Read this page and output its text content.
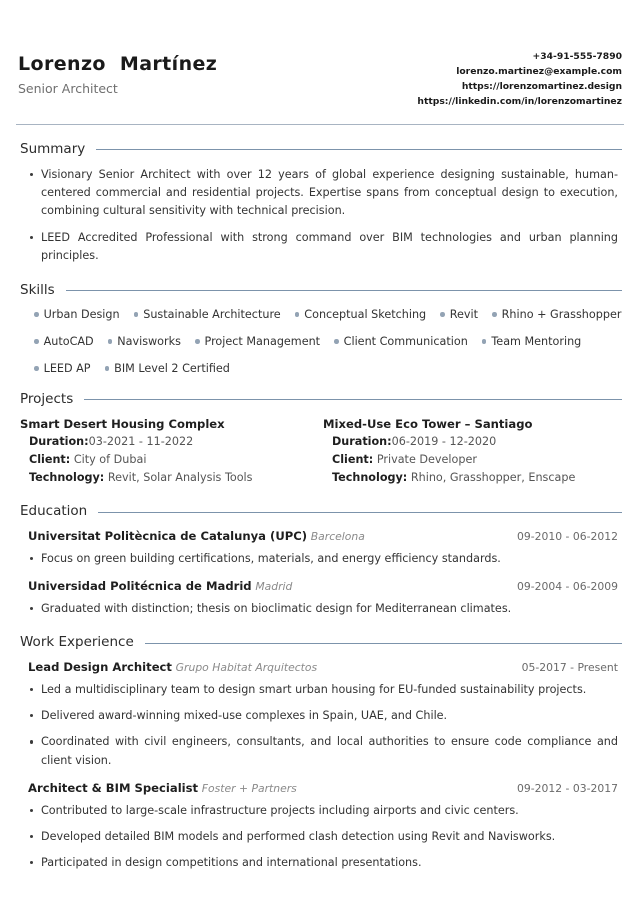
Lorenzo  Martínez
Senior Architect
+34-91-555-7890
lorenzo.martinez@example.com
https://lorenzomartinez.design
https://linkedin.com/in/lorenzomartinez
Summary
Visionary Senior Architect with over 12 years of global experience designing sustainable, human-centered commercial and residential projects. Expertise spans from conceptual design to execution, combining cultural sensitivity with technical precision.
LEED Accredited Professional with strong command over BIM technologies and urban planning principles.
Skills
Urban Design Sustainable Architecture Conceptual Sketching Revit Rhino + Grasshopper
AutoCAD Navisworks Project Management Client Communication Team Mentoring
LEED AP BIM Level 2 Certified
Projects
Smart Desert Housing Complex
Duration:03-2021 - 11-2022
Client: City of Dubai
Technology: Revit, Solar Analysis Tools
Mixed-Use Eco Tower – Santiago
Duration:06-2019 - 12-2020
Client: Private Developer
Technology: Rhino, Grasshopper, Enscape
Education
Universitat Politècnica de Catalunya (UPC) Barcelona	09-2010 - 06-2012
Focus on green building certifications, materials, and energy efficiency standards.
Universidad Politécnica de Madrid Madrid	09-2004 - 06-2009
Graduated with distinction; thesis on bioclimatic design for Mediterranean climates.
Work Experience
Lead Design Architect Grupo Habitat Arquitectos	05-2017 - Present
Led a multidisciplinary team to design smart urban housing for EU-funded sustainability projects.
Delivered award-winning mixed-use complexes in Spain, UAE, and Chile.
Coordinated with civil engineers, consultants, and local authorities to ensure code compliance and client vision.
Architect & BIM Specialist Foster + Partners	09-2012 - 03-2017
Contributed to large-scale infrastructure projects including airports and civic centers.
Developed detailed BIM models and performed clash detection using Revit and Navisworks.
Participated in design competitions and international presentations.
